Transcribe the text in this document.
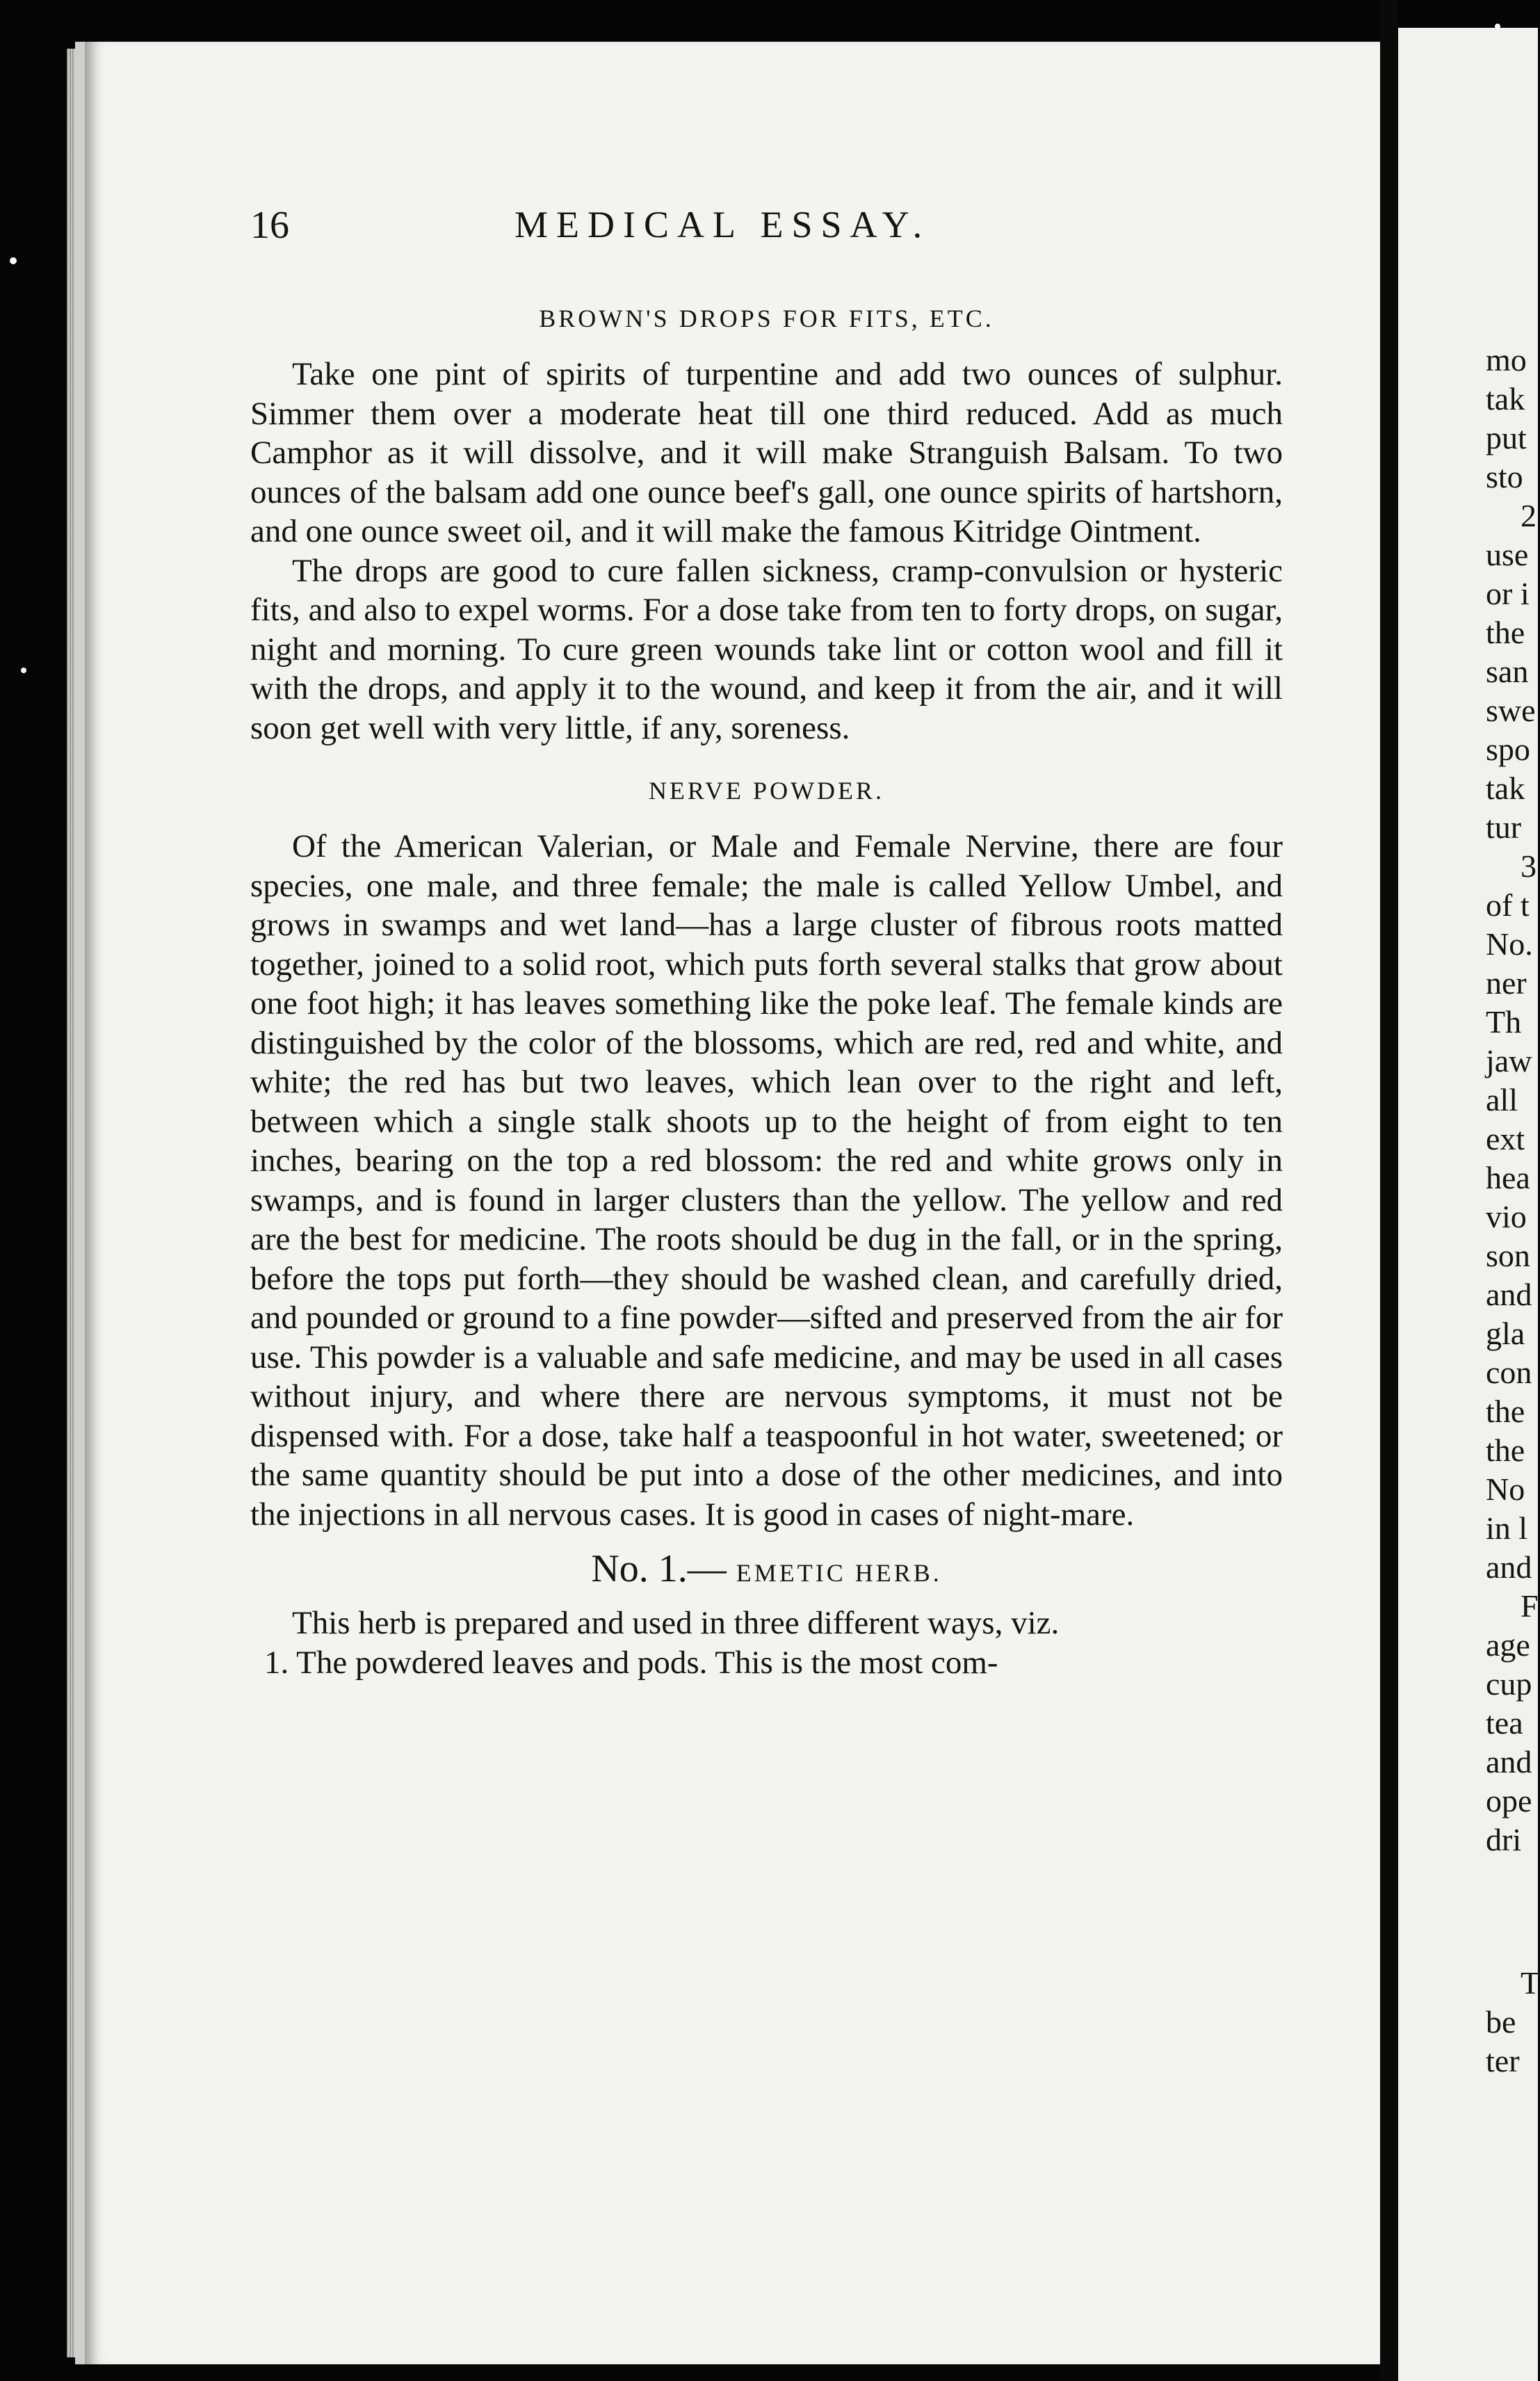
mo
tak
put
sto
2
use
or i
the
san
swe
spo
tak
tur
3
of t
No.
ner
Th
jaw
all
ext
hea
vio
son
and
gla
con
the
the
No
in l
and
F
age
cup
tea
and
ope
dri
T
be
ter
16	MEDICAL ESSAY.
BROWN'S DROPS FOR FITS, ETC.

Take one pint of spirits of turpentine and add two ounces of sulphur. Simmer them over a moderate heat till one third reduced. Add as much Camphor as it will dissolve, and it will make Stranguish Balsam. To two ounces of the balsam add one ounce beef's gall, one ounce spirits of hartshorn, and one ounce sweet oil, and it will make the famous Kitridge Ointment.

The drops are good to cure fallen sickness, cramp-convulsion or hysteric fits, and also to expel worms. For a dose take from ten to forty drops, on sugar, night and morning. To cure green wounds take lint or cotton wool and fill it with the drops, and apply it to the wound, and keep it from the air, and it will soon get well with very little, if any, soreness.

NERVE POWDER.

Of the American Valerian, or Male and Female Nervine, there are four species, one male, and three female; the male is called Yellow Umbel, and grows in swamps and wet land—has a large cluster of fibrous roots matted together, joined to a solid root, which puts forth several stalks that grow about one foot high; it has leaves something like the poke leaf. The female kinds are distinguished by the color of the blossoms, which are red, red and white, and white; the red has but two leaves, which lean over to the right and left, between which a single stalk shoots up to the height of from eight to ten inches, bearing on the top a red blossom: the red and white grows only in swamps, and is found in larger clusters than the yellow. The yellow and red are the best for medicine. The roots should be dug in the fall, or in the spring, before the tops put forth—they should be washed clean, and carefully dried, and pounded or ground to a fine powder—sifted and preserved from the air for use. This powder is a valuable and safe medicine, and may be used in all cases without injury, and where there are nervous symptoms, it must not be dispensed with. For a dose, take half a teaspoonful in hot water, sweetened; or the same quantity should be put into a dose of the other medicines, and into the injections in all nervous cases. It is good in cases of night-mare.

No. 1.— EMETIC HERB.

This herb is prepared and used in three different ways, viz.

1. The powdered leaves and pods. This is the most com-
